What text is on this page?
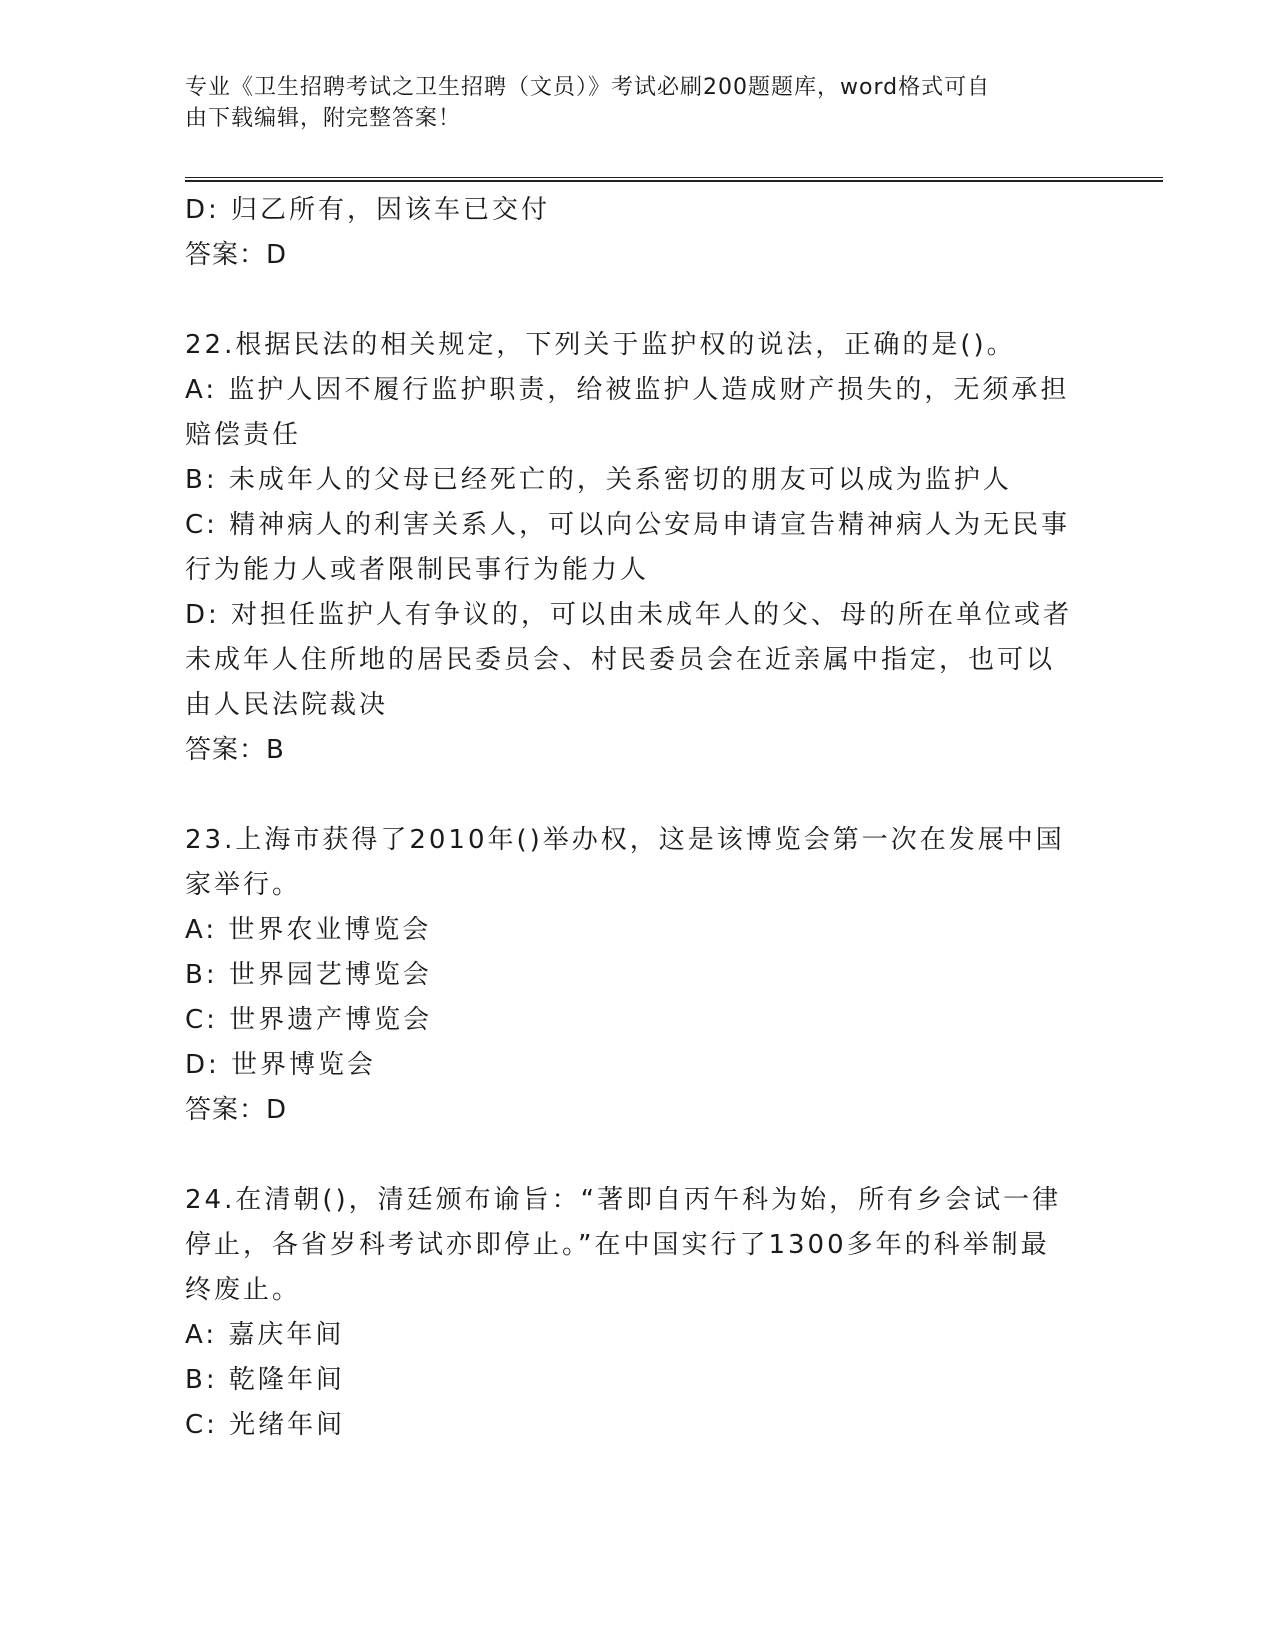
专业《卫生招聘考试之卫生招聘（文员）》考试必刷200题题库，word格式可自
由下载编辑，附完整答案！

D: 归乙所有，因该车已交付

答案：D

22.根据民法的相关规定，下列关于监护权的说法，正确的是()。

A: 监护人因不履行监护职责，给被监护人造成财产损失的，无须承担

赔偿责任

B: 未成年人的父母已经死亡的，关系密切的朋友可以成为监护人

C: 精神病人的利害关系人，可以向公安局申请宣告精神病人为无民事

行为能力人或者限制民事行为能力人

D: 对担任监护人有争议的，可以由未成年人的父、母的所在单位或者

未成年人住所地的居民委员会、村民委员会在近亲属中指定，也可以

由人民法院裁决

答案：B

23.上海市获得了2010年()举办权，这是该博览会第一次在发展中国

家举行。

A: 世界农业博览会

B: 世界园艺博览会

C: 世界遗产博览会

D: 世界博览会

答案：D

24.在清朝()，清廷颁布谕旨：“著即自丙午科为始，所有乡会试一律

停止，各省岁科考试亦即停止。”在中国实行了1300多年的科举制最

终废止。

A: 嘉庆年间

B: 乾隆年间

C: 光绪年间
